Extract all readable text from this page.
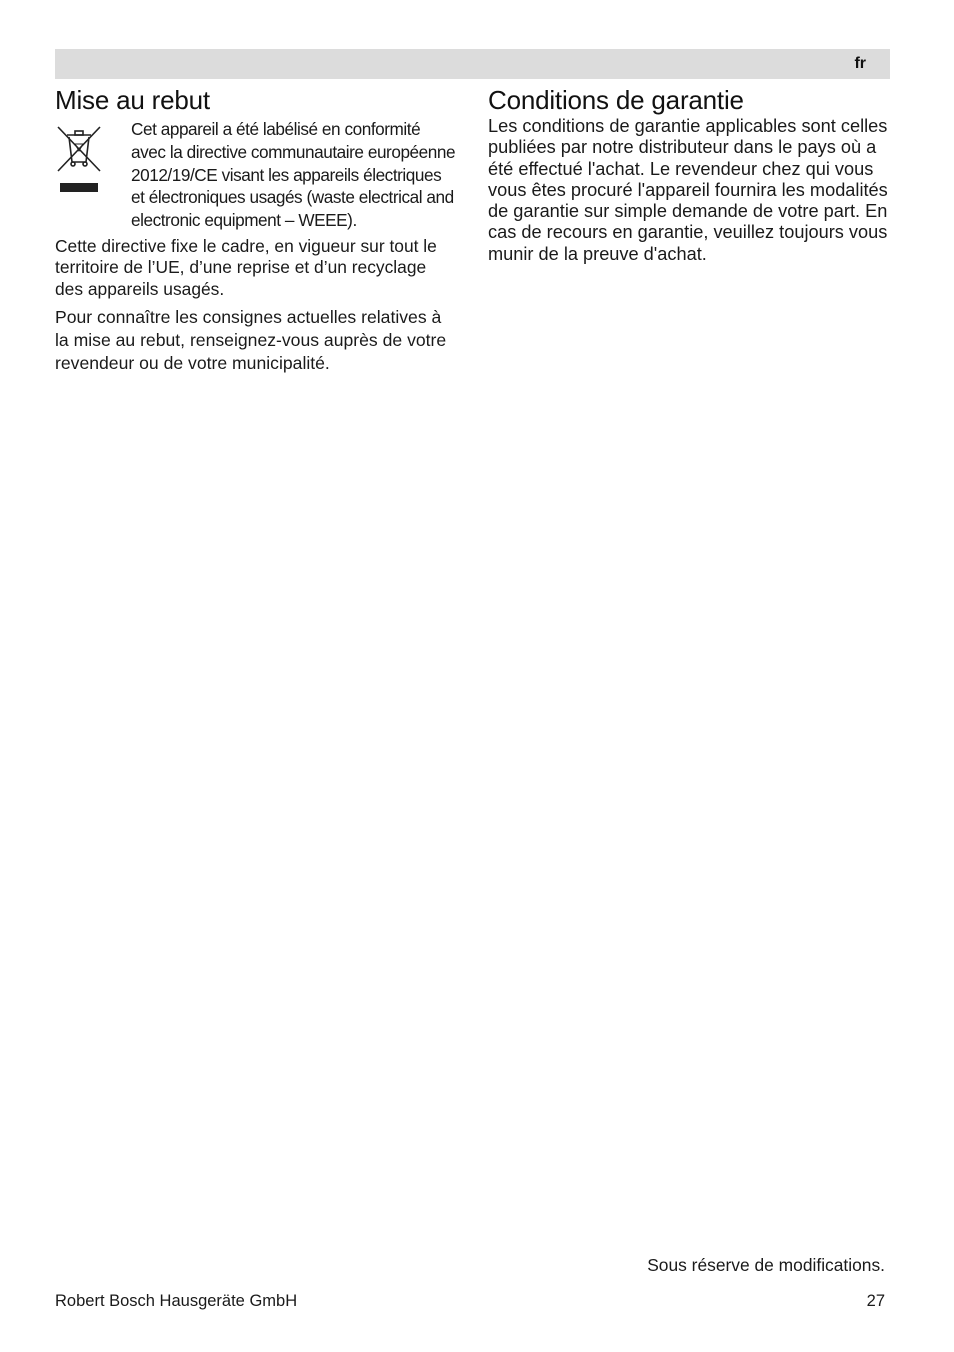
fr
Mise au rebut

Cet appareil a été labélisé en conformité avec la directive communautaire européenne 2012/19/CE visant les appareils électriques et électroniques usagés (waste electrical and electronic equipment – WEEE).

Cette directive fixe le cadre, en vigueur sur tout le territoire de l’UE, d’une reprise et d’un recyclage des appareils usagés.

Pour connaître les consignes actuelles relatives à la mise au rebut, renseignez-vous auprès de votre revendeur ou de votre municipalité.

Conditions de garantie

Les conditions de garantie applicables sont celles publiées par notre distributeur dans le pays où a été effectué l'achat. Le revendeur chez qui vous vous êtes procuré l'appareil fournira les modalités de garantie sur simple demande de votre part. En cas de recours en garantie, veuillez toujours vous munir de la preuve d'achat.

Sous réserve de modifications.
Robert Bosch Hausgeräte GmbH	27
